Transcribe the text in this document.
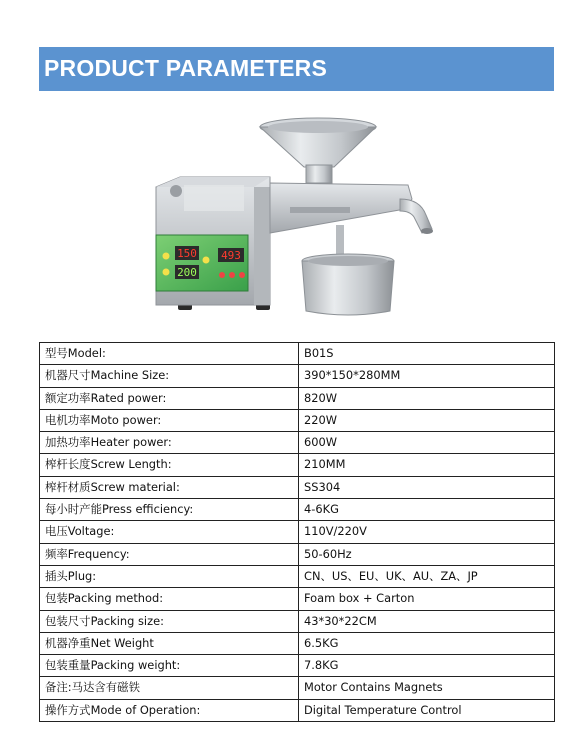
PRODUCT PARAMETERS
150
200
493
型号Model:	B01S
机器尺寸Machine Size:	390*150*280MM
额定功率Rated power:	820W
电机功率Moto power:	220W
加热功率Heater power:	600W
榨杆长度Screw Length:	210MM
榨杆材质Screw material:	SS304
每小时产能Press efficiency:	4-6KG
电压Voltage:	110V/220V
频率Frequency:	50-60Hz
插头Plug:	CN、US、EU、UK、AU、ZA、JP
包装Packing method:	Foam box + Carton
包装尺寸Packing size:	43*30*22CM
机器净重Net Weight	6.5KG
包装重量Packing weight:	7.8KG
备注:马达含有磁铁	Motor Contains Magnets
操作方式Mode of Operation:	Digital Temperature Control
